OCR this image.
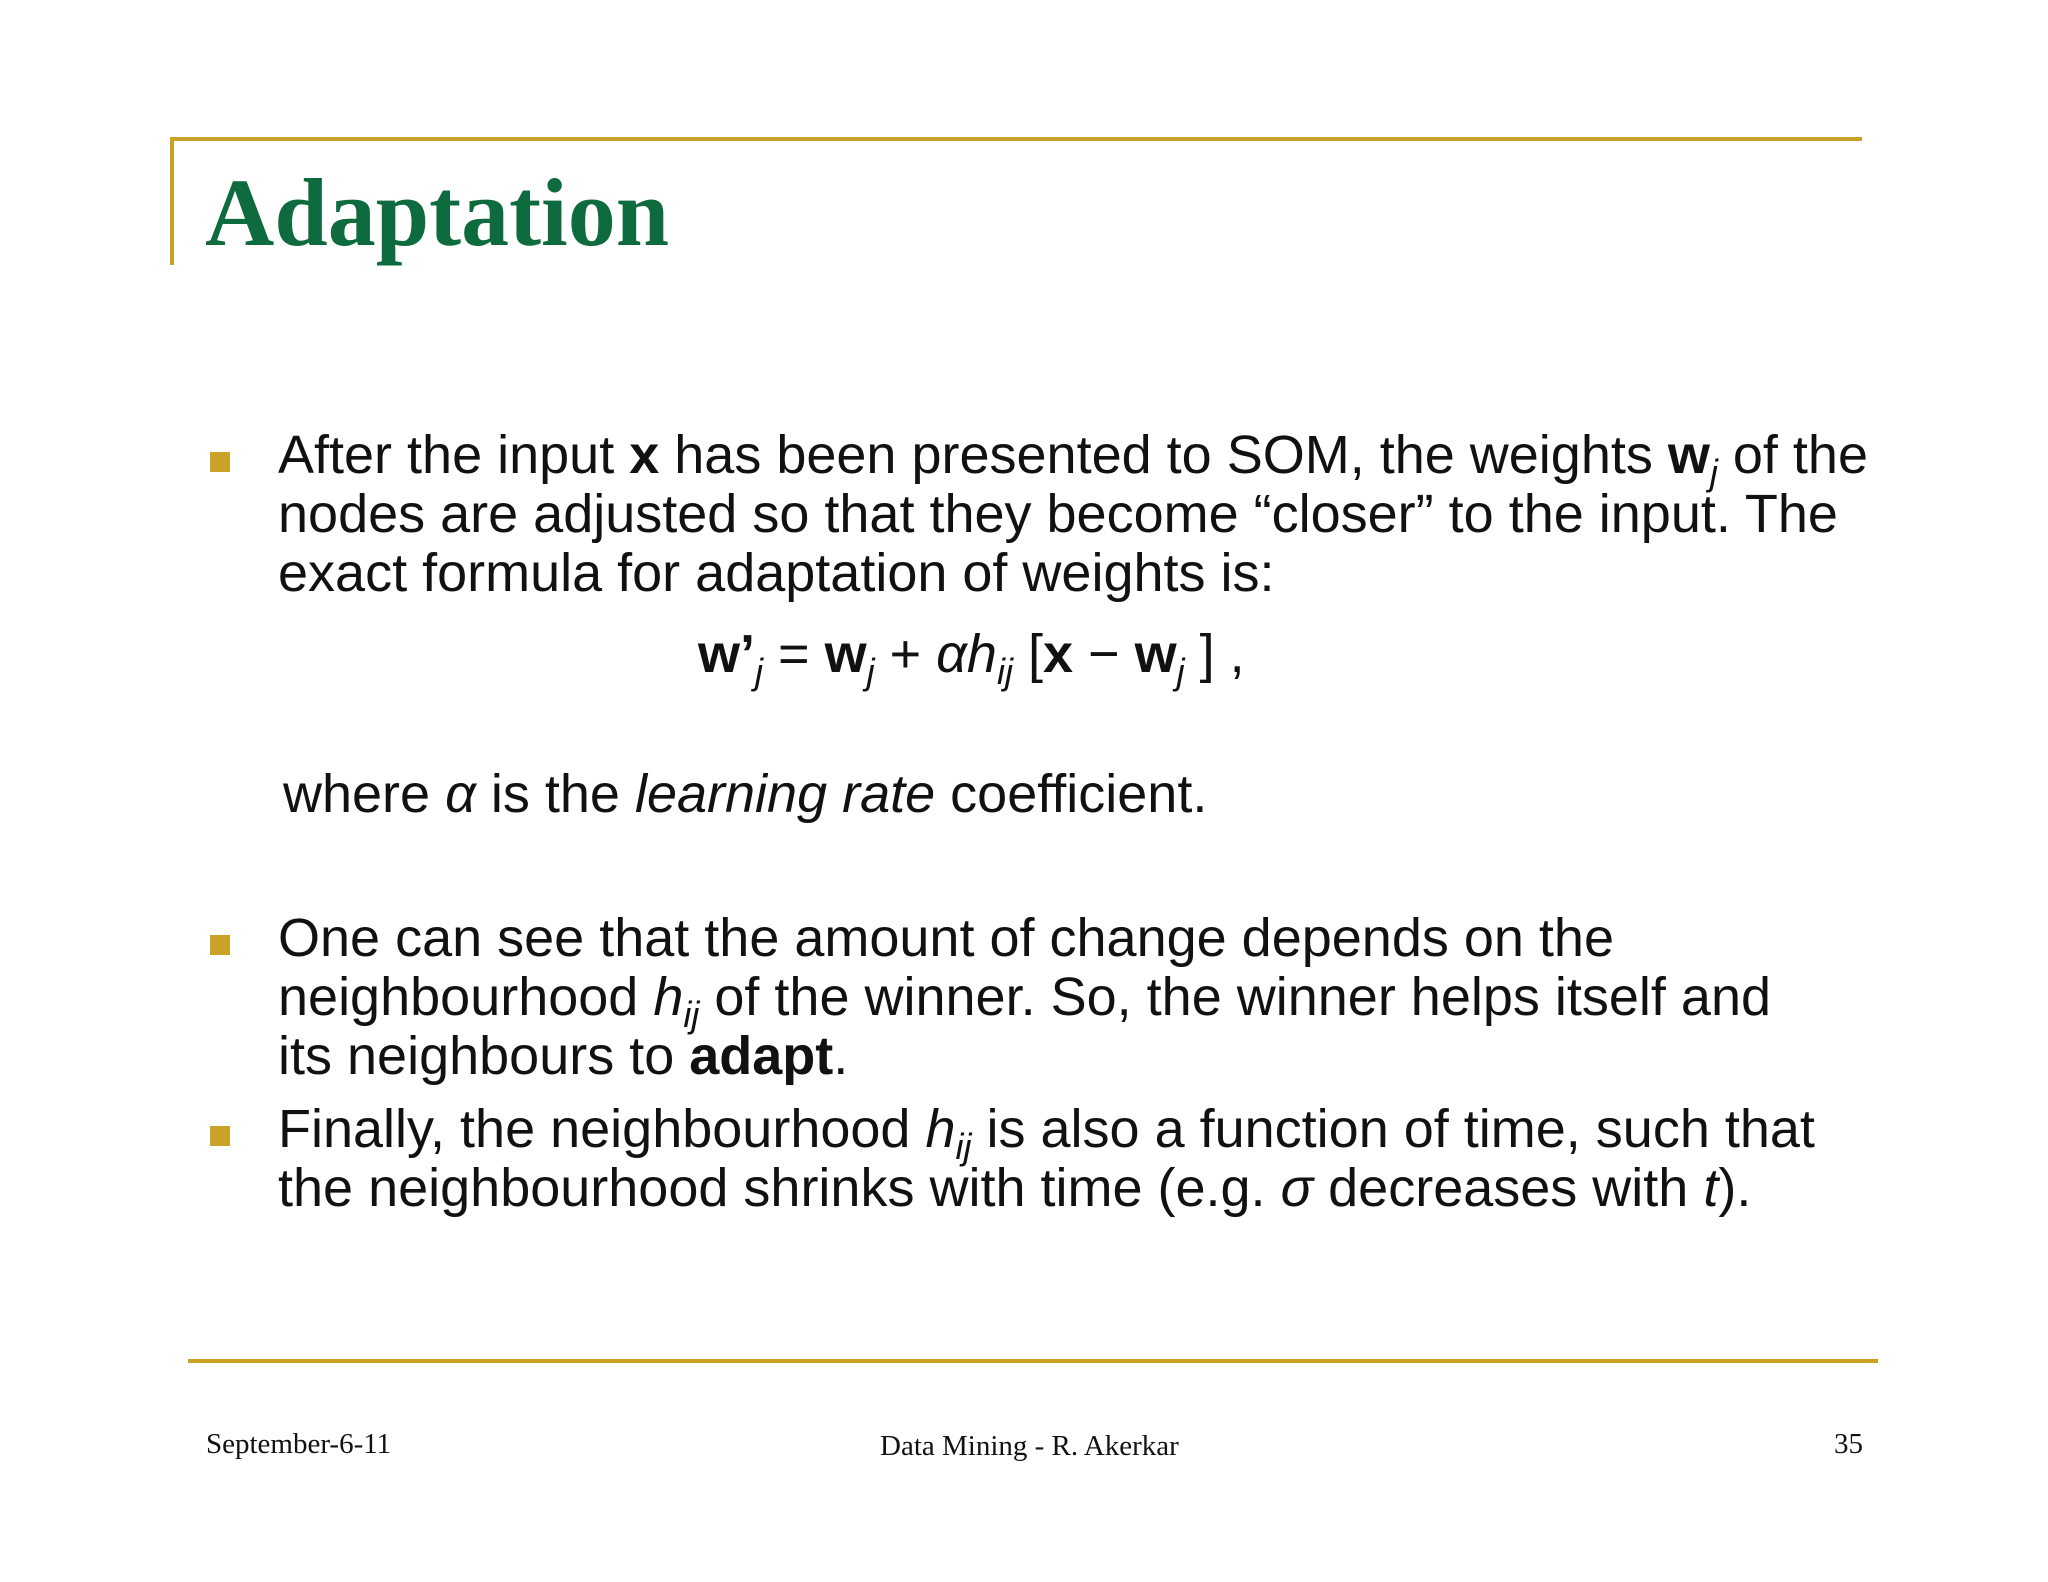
Adaptation

After the input x has been presented to SOM, the weights $w_j$ of the nodes are adjusted so that they become “closer” to the input. The exact formula for adaptation of weights is:

$w’_j = w_j + \alpha h_{ij}$ [$x - w_j$ ] ,
where α is the learning rate coefficient.

One can see that the amount of change depends on the neighbourhood $h_{ij}$ of the winner. So, the winner helps itself and its neighbours to adapt.

Finally, the neighbourhood $h_{ij}$ is also a function of time, such that the neighbourhood shrinks with time (e.g. σ decreases with t).

September-6-11	Data Mining - R. Akerkar	35
